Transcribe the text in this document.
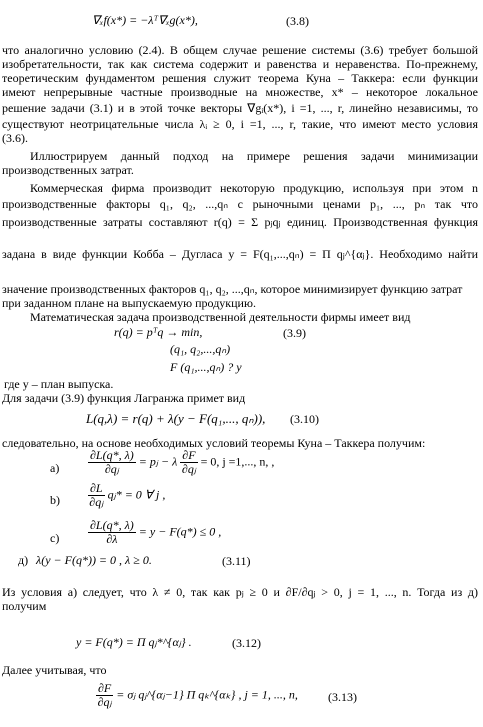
∇ₓf(x*) = −λᵀ∇ₓg(x*),	(3.8)
что аналогично условию (2.4). В общем случае решение системы (3.6) требует большой
изобретательности, так как система содержит и равенства и неравенства. По-прежнему,
теоретическим фундаментом решения служит теорема Куна – Таккера: если функции
имеют непрерывные частные производные на множестве, x* – некоторое локальное
решение задачи (3.1) и в этой точке векторы ∇gᵢ(x*), i =1, ..., r, линейно независимы, то
существуют неотрицательные числа λᵢ ≥ 0, i =1, ..., r, такие, что имеют место условия
(3.6).
Иллюстрируем данный подход на примере решения задачи минимизации
производственных затрат.
Коммерческая фирма производит некоторую продукцию, используя при этом n
производственные факторы q₁, q₂, ...,qₙ с рыночными ценами p₁, ..., pₙ так что
производственные затраты составляют r(q) = Σ pⱼqⱼ единиц. Производственная функция
задана в виде функции Кобба – Дугласа y = F(q₁,...,qₙ) = Π qⱼ^{αⱼ}. Необходимо найти
значение производственных факторов q₁, q₂, ...,qₙ, которое минимизирует функцию затрат
при заданном плане на выпускаемую продукцию.
Математическая задача производственной деятельности фирмы имеет вид
r(q) = pᵀq → min,	(3.9)
(q₁, q₂,...,qₙ)
F (q₁,...,qₙ) ? y
где y – план выпуска.
Для задачи (3.9) функция Лагранжа примет вид
L(q,λ) = r(q) + λ(y − F(q₁,..., qₙ)), (3.10)
следовательно, на основе необходимых условий теоремы Куна – Таккера получим:
$а) \frac{\partial L(q*, \lambda)}{\text{∂qⱼ}}$ = pⱼ − λ $\frac{\partial F}{\text{∂qⱼ}} = 0$, j =1,..., n, ,
$b) \frac{\partial L}{\text{∂qⱼ}}$ qⱼ* = 0 ∀ j ,
$c) \frac{\partial L(q*, \lambda)}{\partial\lambda} = y - F(q*) \le 0$ ,
д) λ(y − F(q*)) = 0 , λ ≥ 0.	(3.11)
Из условия а) следует, что λ ≠ 0, так как pⱼ ≥ 0 и ∂F/∂qⱼ > 0, j = 1, ..., n. Тогда из д)
получим
y = F(q*) = Π qⱼ*^{αⱼ} .	(3.12)
Далее учитывая, что
$\frac{\partial F}{\text{∂qⱼ}}$ = σⱼ qⱼ^{αⱼ−1} Π qₖ^{αₖ} , j = 1, ..., n,	(3.13)
